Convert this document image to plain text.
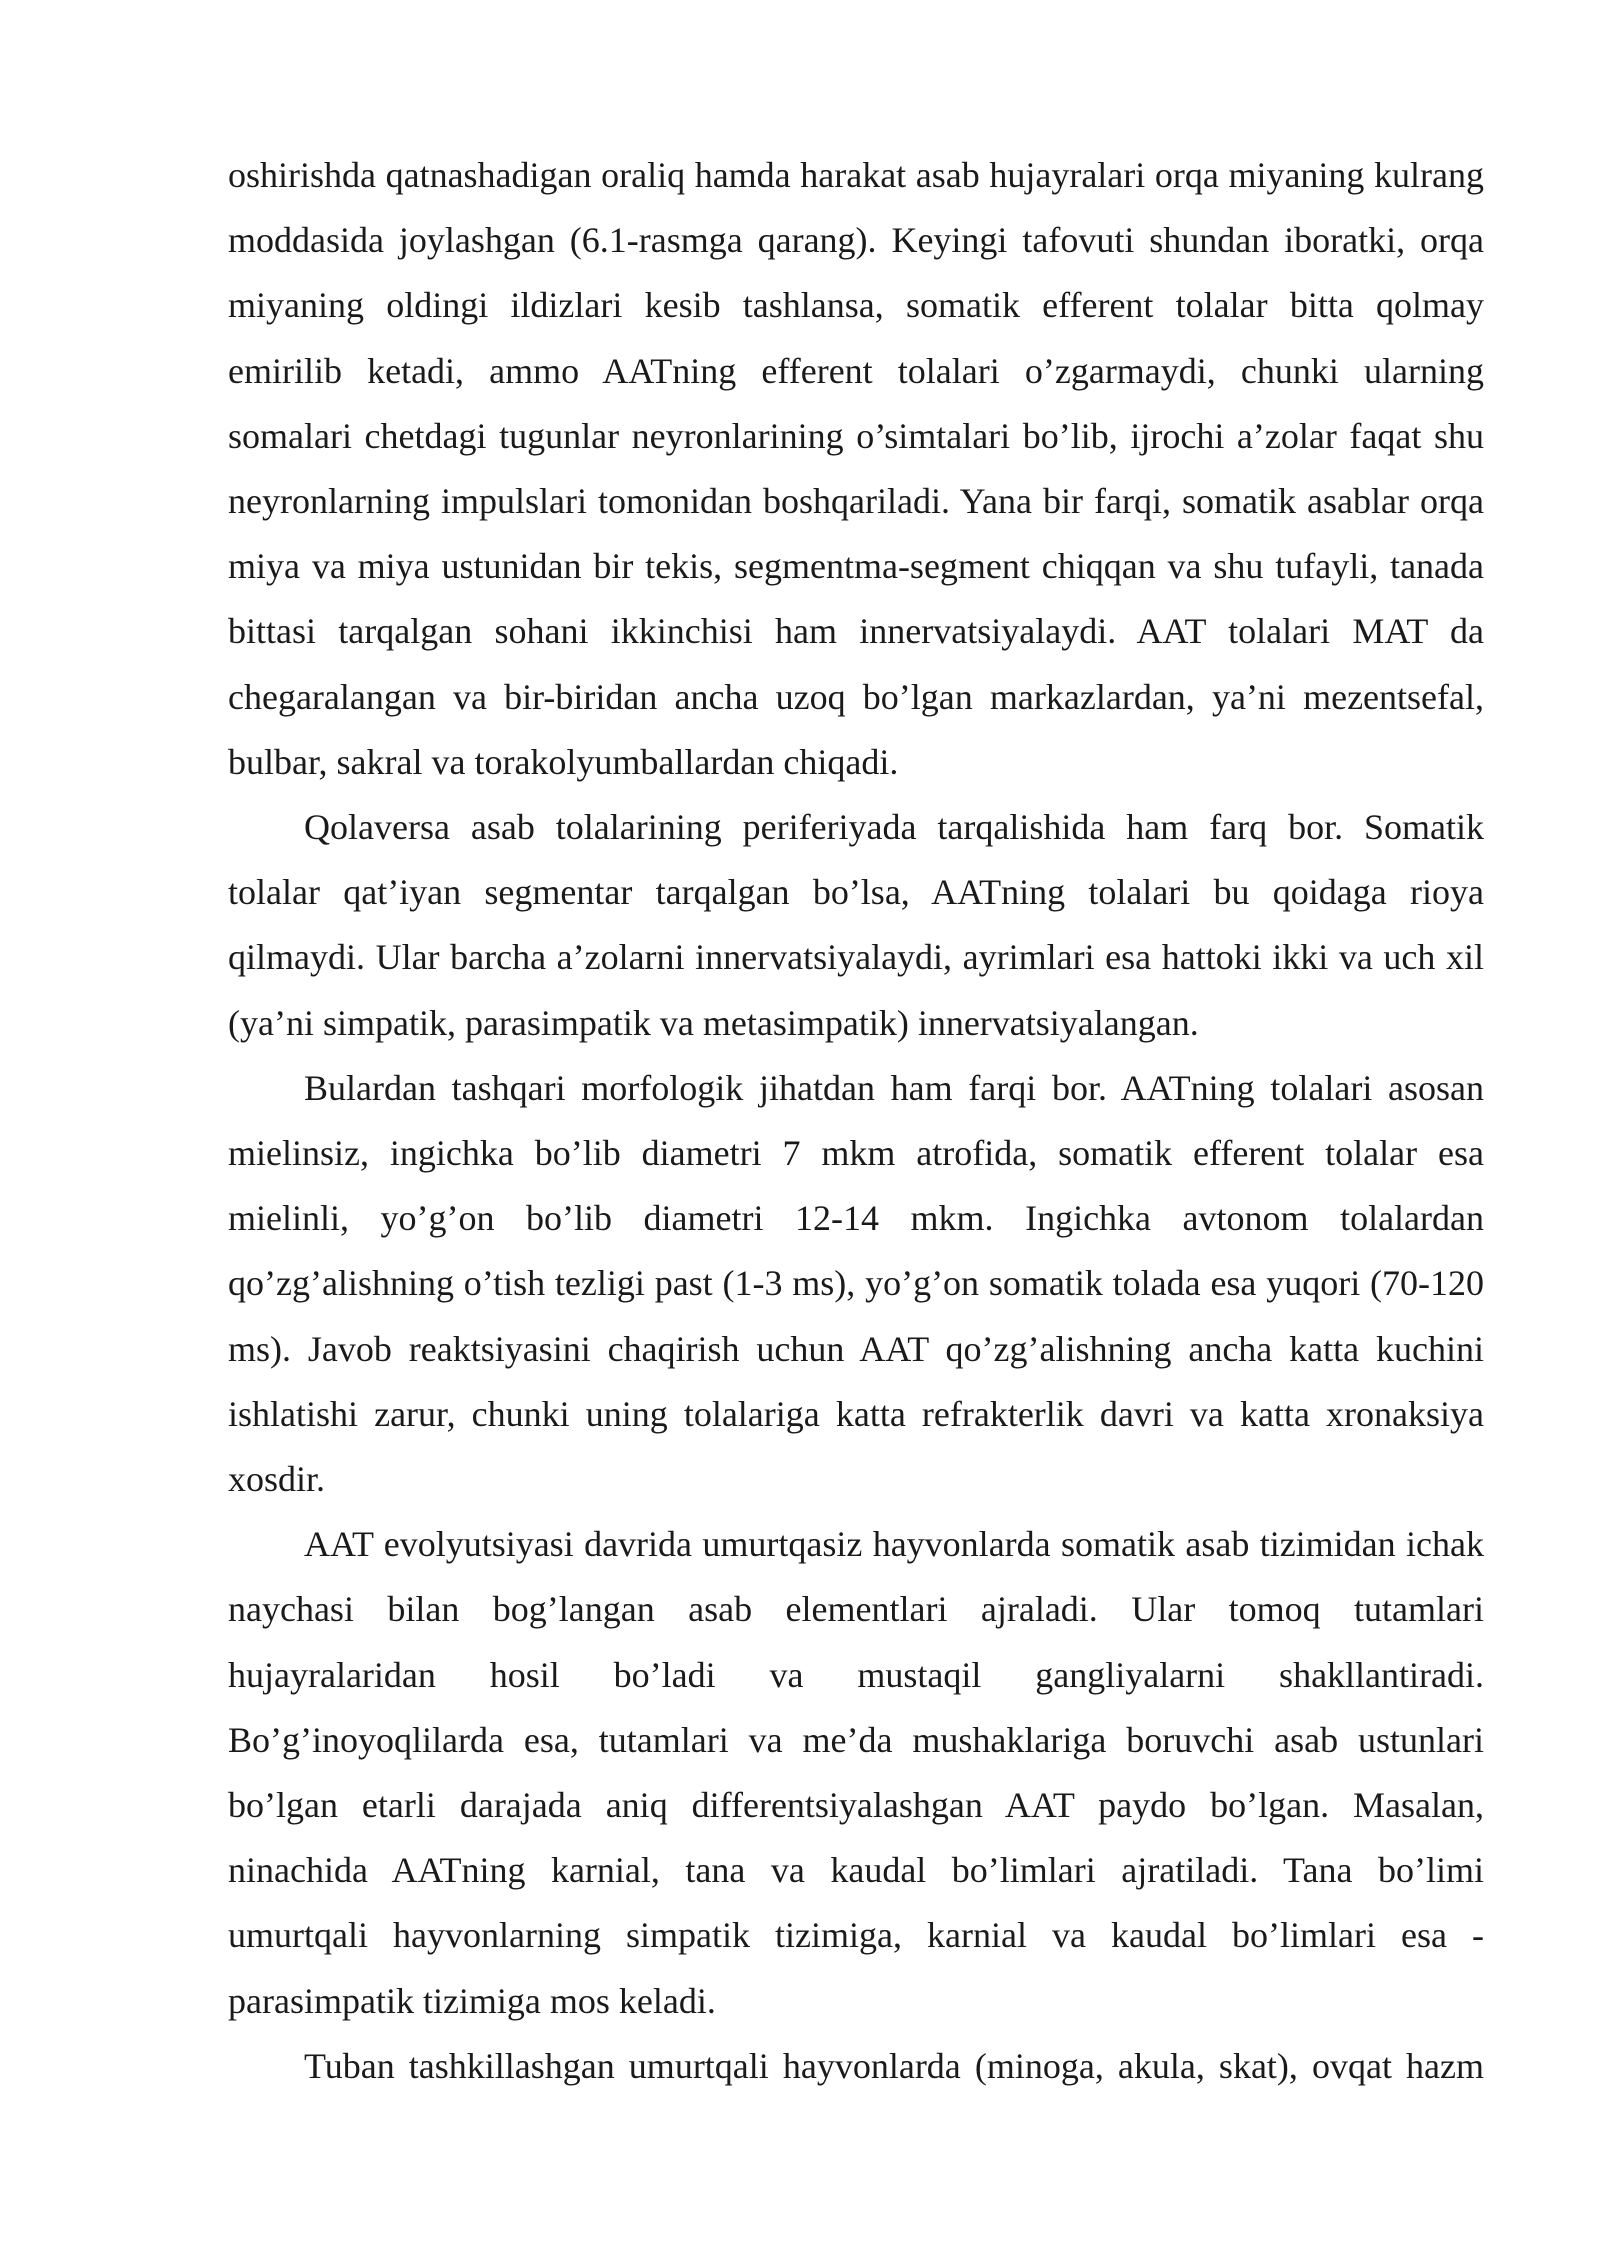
oshirishda qatnashadigan oraliq hamda harakat asab hujayralari orqa miyaning kulrang moddasida joylashgan (6.1-rasmga qarang). Keyingi tafovuti shundan iboratki, orqa miyaning oldingi ildizlari kesib tashlansa, somatik efferent tolalar bitta qolmay emirilib ketadi, ammo AATning efferent tolalari o’zgarmaydi, chunki ularning somalari chetdagi tugunlar neyronlarining o’simtalari bo’lib, ijrochi a’zolar faqat shu neyronlarning impulslari tomonidan boshqariladi. Yana bir farqi, somatik asablar orqa miya va miya ustunidan bir tekis, segmentma-segment chiqqan va shu tufayli, tanada bittasi tarqalgan sohani ikkinchisi ham innervatsiyalaydi. AAT tolalari MAT da chegaralangan va bir-biridan ancha uzoq bo’lgan markazlardan, ya’ni mezentsefal, bulbar, sakral va torakolyumballardan chiqadi.

Qolaversa asab tolalarining periferiyada tarqalishida ham farq bor. Somatik tolalar qat’iyan segmentar tarqalgan bo’lsa, AATning tolalari bu qoidaga rioya qilmaydi. Ular barcha a’zolarni innervatsiyalaydi, ayrimlari esa hattoki ikki va uch xil (ya’ni simpatik, parasimpatik va metasimpatik) innervatsiyalangan.

Bulardan tashqari morfologik jihatdan ham farqi bor. AATning tolalari asosan mielinsiz, ingichka bo’lib diametri 7 mkm atrofida, somatik efferent tolalar esa mielinli, yo’g’on bo’lib diametri 12-14 mkm. Ingichka avtonom tolalardan qo’zg’alishning o’tish tezligi past (1-3 ms), yo’g’on somatik tolada esa yuqori (70-120 ms). Javob reaktsiyasini chaqirish uchun AAT qo’zg’alishning ancha katta kuchini ishlatishi zarur, chunki uning tolalariga katta refrakterlik davri va katta xronaksiya xosdir.

AAT evolyutsiyasi davrida umurtqasiz hayvonlarda somatik asab tizimidan ichak naychasi bilan bog’langan asab elementlari ajraladi. Ular tomoq tutamlari hujayralaridan hosil bo’ladi va mustaqil gangliyalarni shakllantiradi. Bo’g’inoyoqlilarda esa, tutamlari va me’da mushaklariga boruvchi asab ustunlari bo’lgan etarli darajada aniq differentsiyalashgan AAT paydo bo’lgan. Masalan, ninachida AATning karnial, tana va kaudal bo’limlari ajratiladi. Tana bo’limi umurtqali hayvonlarning simpatik tizimiga, karnial va kaudal bo’limlari esa - parasimpatik tizimiga mos keladi.

Tuban tashkillashgan umurtqali hayvonlarda (minoga, akula, skat), ovqat hazm
